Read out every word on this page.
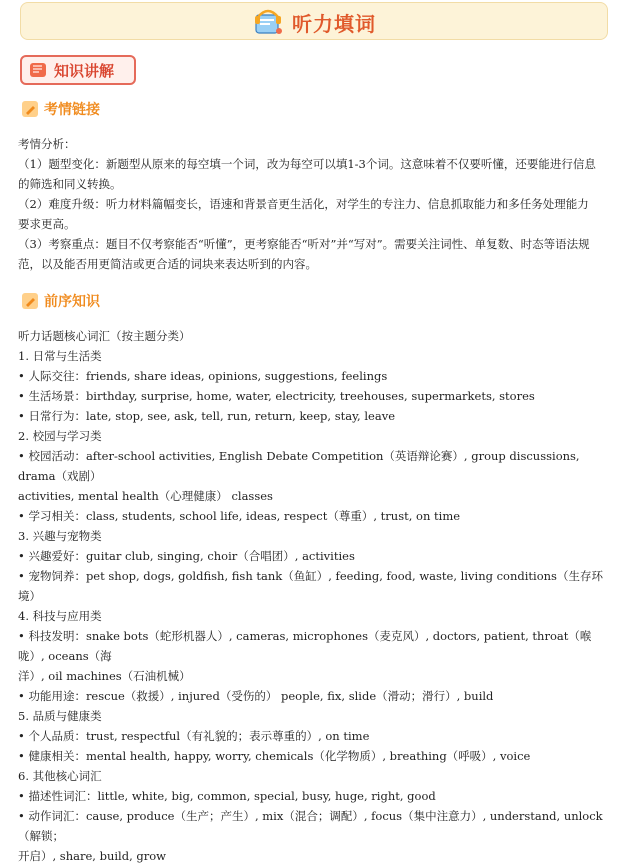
听力填词
知识讲解
考情链接

考情分析：

（1）题型变化：新题型从原来的每空填一个词，改为每空可以填1-3个词。这意味着不仅要听懂，还要能进行信息

的筛选和同义转换。

（2）难度升级：听力材料篇幅变长，语速和背景音更生活化，对学生的专注力、信息抓取能力和多任务处理能力

要求更高。

（3）考察重点：题目不仅考察能否“听懂”，更考察能否“听对”并“写对”。需要关注词性、单复数、时态等语法规

范，以及能否用更简洁或更合适的词块来表达听到的内容。

前序知识

听力话题核心词汇（按主题分类）

1. 日常与生活类

• 人际交往：friends, share ideas, opinions, suggestions, feelings

• 生活场景：birthday, surprise, home, water, electricity, treehouses, supermarkets, stores

• 日常行为：late, stop, see, ask, tell, run, return, keep, stay, leave

2. 校园与学习类

• 校园活动：after-school activities, English Debate Competition（英语辩论赛）, group discussions, drama（戏剧）

activities, mental health（心理健康） classes

• 学习相关：class, students, school life, ideas, respect（尊重）, trust, on time

3. 兴趣与宠物类

• 兴趣爱好：guitar club, singing, choir（合唱团）, activities

• 宠物饲养：pet shop, dogs, goldfish, fish tank（鱼缸）, feeding, food, waste, living conditions（生存环境）

4. 科技与应用类

• 科技发明：snake bots（蛇形机器人）, cameras, microphones（麦克风）, doctors, patient, throat（喉咙）, oceans（海

洋）, oil machines（石油机械）

• 功能用途：rescue（救援）, injured（受伤的） people, fix, slide（滑动；滑行）, build

5. 品质与健康类

• 个人品质：trust, respectful（有礼貌的；表示尊重的）, on time

• 健康相关：mental health, happy, worry, chemicals（化学物质）, breathing（呼吸）, voice

6. 其他核心词汇

• 描述性词汇：little, white, big, common, special, busy, huge, right, good

• 动作词汇：cause, produce（生产；产生）, mix（混合；调配）, focus（集中注意力）, understand, unlock（解锁；

开启）, share, build, grow
